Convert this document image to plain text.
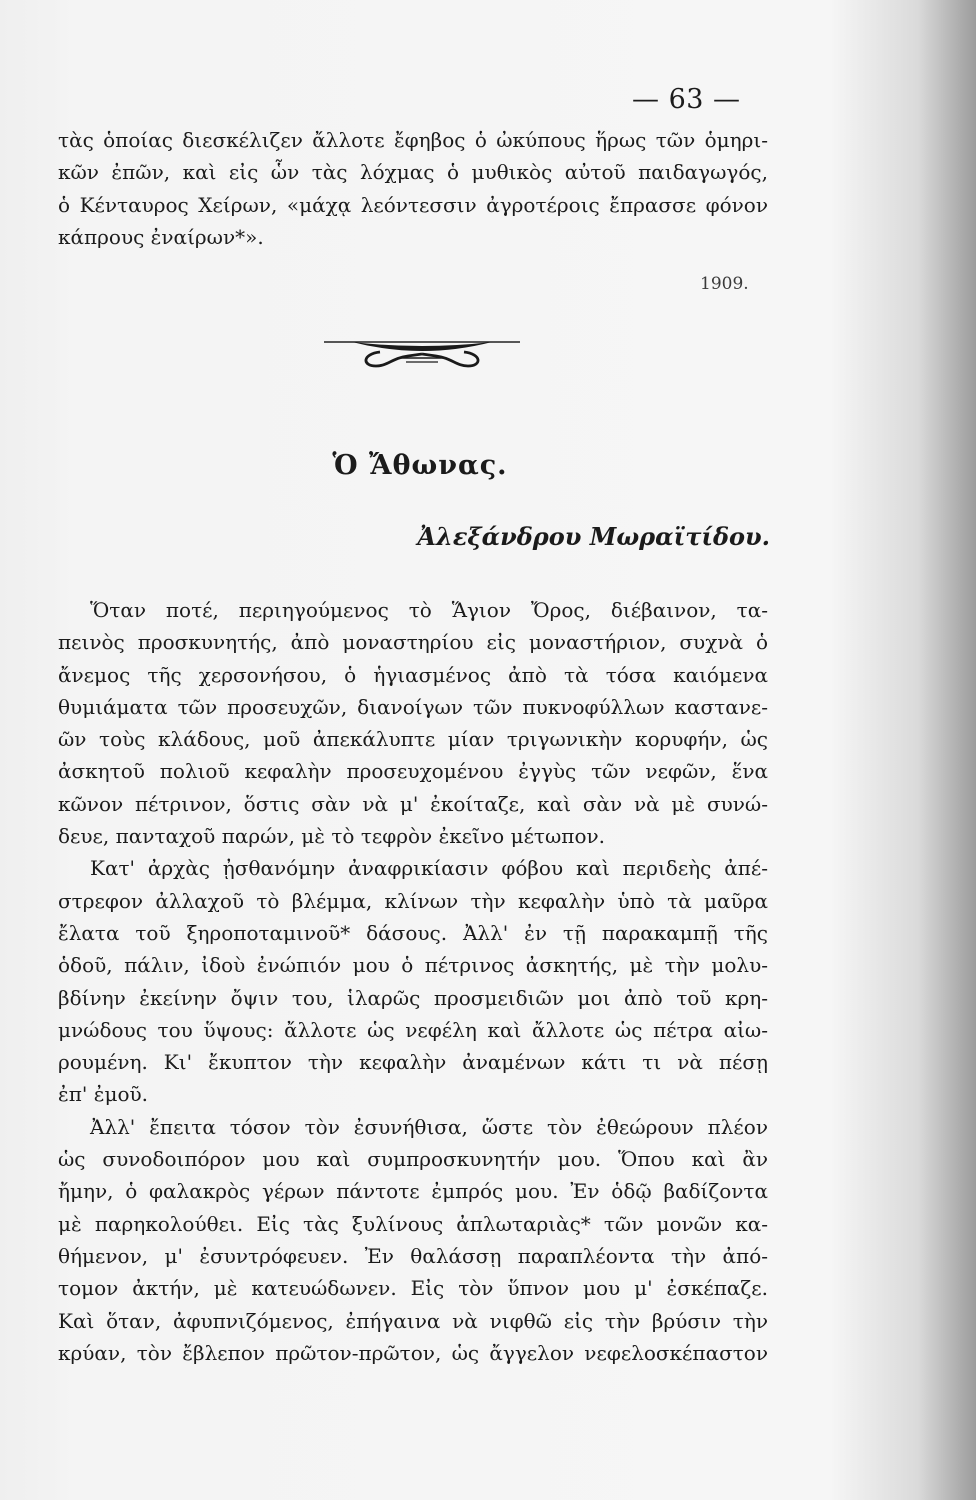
— 63 —
τὰς ὁποίας διεσκέλιζεν ἄλλοτε ἔφηβος ὁ ὠκύπους ἥρως τῶν ὁμηρι-
κῶν ἐπῶν, καὶ εἰς ὧν τὰς λόχμας ὁ μυθικὸς αὐτοῦ παιδαγωγός,
ὁ Κένταυρος Χείρων, «μάχᾳ λεόντεσσιν ἀγροτέροις ἔπρασσε φόνον
κάπρους ἐναίρων*».
1909.
Ὁ Ἄθωνας.
Ἀλεξάνδρου Μωραϊτίδου.
Ὅταν ποτέ, περιηγούμενος τὸ Ἅγιον Ὄρος, διέβαινον, τα-
πεινὸς προσκυνητής, ἀπὸ μοναστηρίου εἰς μοναστήριον, συχνὰ ὁ
ἄνεμος τῆς χερσονήσου, ὁ ἡγιασμένος ἀπὸ τὰ τόσα καιόμενα
θυμιάματα τῶν προσευχῶν, διανοίγων τῶν πυκνοφύλλων καστανε-
ῶν τοὺς κλάδους, μοῦ ἀπεκάλυπτε μίαν τριγωνικὴν κορυφήν, ὡς
ἀσκητοῦ πολιοῦ κεφαλὴν προσευχομένου ἐγγὺς τῶν νεφῶν, ἕνα
κῶνον πέτρινον, ὅστις σὰν νὰ μ' ἐκοίταζε, καὶ σὰν νὰ μὲ συνώ-
δευε, πανταχοῦ παρών, μὲ τὸ τεφρὸν ἐκεῖνο μέτωπον.
Κατ' ἀρχὰς ᾐσθανόμην ἀναφρικίασιν φόβου καὶ περιδεὴς ἀπέ-
στρεφον ἀλλαχοῦ τὸ βλέμμα, κλίνων τὴν κεφαλὴν ὑπὸ τὰ μαῦρα
ἔλατα τοῦ ξηροποταμινοῦ* δάσους. Ἀλλ' ἐν τῇ παρακαμπῇ τῆς
ὁδοῦ, πάλιν, ἰδοὺ ἐνώπιόν μου ὁ πέτρινος ἀσκητής, μὲ τὴν μολυ-
βδίνην ἐκείνην ὄψιν του, ἱλαρῶς προσμειδιῶν μοι ἀπὸ τοῦ κρη-
μνώδους του ὕψους: ἄλλοτε ὡς νεφέλη καὶ ἄλλοτε ὡς πέτρα αἰω-
ρουμένη. Κι' ἔκυπτον τὴν κεφαλὴν ἀναμένων κάτι τι νὰ πέσῃ
ἐπ' ἐμοῦ.
Ἀλλ' ἔπειτα τόσον τὸν ἐσυνήθισα, ὥστε τὸν ἐθεώρουν πλέον
ὡς συνοδοιπόρον μου καὶ συμπροσκυνητήν μου. Ὅπου καὶ ἂν
ἤμην, ὁ φαλακρὸς γέρων πάντοτε ἐμπρός μου. Ἐν ὁδῷ βαδίζοντα
μὲ παρηκολούθει. Εἰς τὰς ξυλίνους ἀπλωταριὰς* τῶν μονῶν κα-
θήμενον, μ' ἐσυντρόφευεν. Ἐν θαλάσσῃ παραπλέοντα τὴν ἀπό-
τομον ἀκτήν, μὲ κατευώδωνεν. Εἰς τὸν ὕπνον μου μ' ἐσκέπαζε.
Καὶ ὅταν, ἀφυπνιζόμενος, ἐπήγαινα νὰ νιφθῶ εἰς τὴν βρύσιν τὴν
κρύαν, τὸν ἔβλεπον πρῶτον-πρῶτον, ὡς ἄγγελον νεφελοσκέπαστον
